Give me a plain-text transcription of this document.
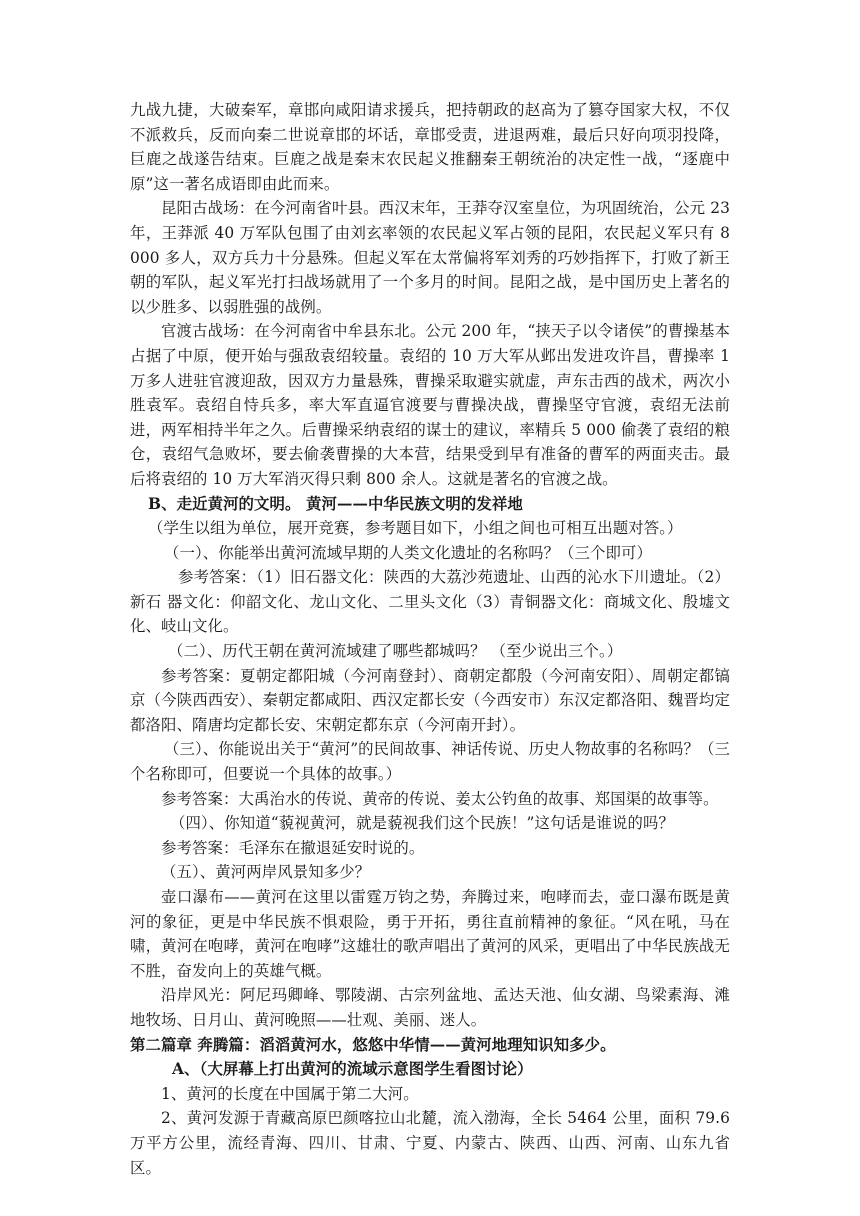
九战九捷，大破秦军，章邯向咸阳请求援兵，把持朝政的赵高为了篡夺国家大权，不仅不派救兵，反而向秦二世说章邯的坏话，章邯受责，进退两难，最后只好向项羽投降，巨鹿之战遂告结束。巨鹿之战是秦末农民起义推翻秦王朝统治的决定性一战，“逐鹿中原”这一著名成语即由此而来。

昆阳古战场：在今河南省叶县。西汉末年，王莽夺汉室皇位，为巩固统治，公元 23 年，王莽派 40 万军队包围了由刘玄率领的农民起义军占领的昆阳，农民起义军只有 8 000 多人，双方兵力十分悬殊。但起义军在太常偏将军刘秀的巧妙指挥下，打败了新王朝的军队，起义军光打扫战场就用了一个多月的时间。昆阳之战，是中国历史上著名的以少胜多、以弱胜强的战例。

官渡古战场：在今河南省中牟县东北。公元 200 年，“挟天子以令诸侯”的曹操基本占据了中原，便开始与强敌袁绍较量。袁绍的 10 万大军从邺出发进攻许昌，曹操率 1 万多人进驻官渡迎敌，因双方力量悬殊，曹操采取避实就虚，声东击西的战术，两次小胜袁军。袁绍自恃兵多，率大军直逼官渡要与曹操决战，曹操坚守官渡，袁绍无法前进，两军相持半年之久。后曹操采纳袁绍的谋士的建议，率精兵 5 000 偷袭了袁绍的粮仓，袁绍气急败坏，要去偷袭曹操的大本营，结果受到早有准备的曹军的两面夹击。最后将袁绍的 10 万大军消灭得只剩 800 余人。这就是著名的官渡之战。

B、走近黄河的文明。 黄河——中华民族文明的发祥地

（学生以组为单位，展开竞赛，参考题目如下，小组之间也可相互出题对答。）

（一）、你能举出黄河流域早期的人类文化遗址的名称吗？（三个即可）

参考答案：（1）旧石器文化：陕西的大荔沙苑遗址、山西的沁水下川遗址。（2）新石 器文化：仰韶文化、龙山文化、二里头文化（3）青铜器文化：商城文化、殷墟文化、岐山文化。

（二）、历代王朝在黄河流域建了哪些都城吗？ （至少说出三个。）

参考答案：夏朝定都阳城（今河南登封）、商朝定都殷（今河南安阳）、周朝定都镐京（今陕西西安）、秦朝定都咸阳、西汉定都长安（今西安市）东汉定都洛阳、魏晋均定都洛阳、隋唐均定都长安、宋朝定都东京（今河南开封）。

（三）、你能说出关于“黄河”的民间故事、神话传说、历史人物故事的名称吗？（三个名称即可，但要说一个具体的故事。）

参考答案：大禹治水的传说、黄帝的传说、姜太公钓鱼的故事、郑国渠的故事等。

（四）、你知道“藐视黄河，就是藐视我们这个民族！”这句话是谁说的吗？

参考答案：毛泽东在撤退延安时说的。

（五）、黄河两岸风景知多少？

壶口瀑布——黄河在这里以雷霆万钧之势，奔腾过来，咆哮而去，壶口瀑布既是黄河的象征，更是中华民族不惧艰险，勇于开拓，勇往直前精神的象征。“风在吼，马在啸，黄河在咆哮，黄河在咆哮”这雄壮的歌声唱出了黄河的风采，更唱出了中华民族战无不胜，奋发向上的英雄气概。

沿岸风光：阿尼玛卿峰、鄂陵湖、古宗列盆地、孟达天池、仙女湖、鸟梁素海、滩地牧场、日月山、黄河晚照——壮观、美丽、迷人。

第二篇章 奔腾篇：滔滔黄河水，悠悠中华情——黄河地理知识知多少。

A、（大屏幕上打出黄河的流域示意图学生看图讨论）

1、黄河的长度在中国属于第二大河。

2、黄河发源于青藏高原巴颜喀拉山北麓，流入渤海，全长 5464 公里，面积 79.6 万平方公里，流经青海、四川、甘肃、宁夏、内蒙古、陕西、山西、河南、山东九省区。
